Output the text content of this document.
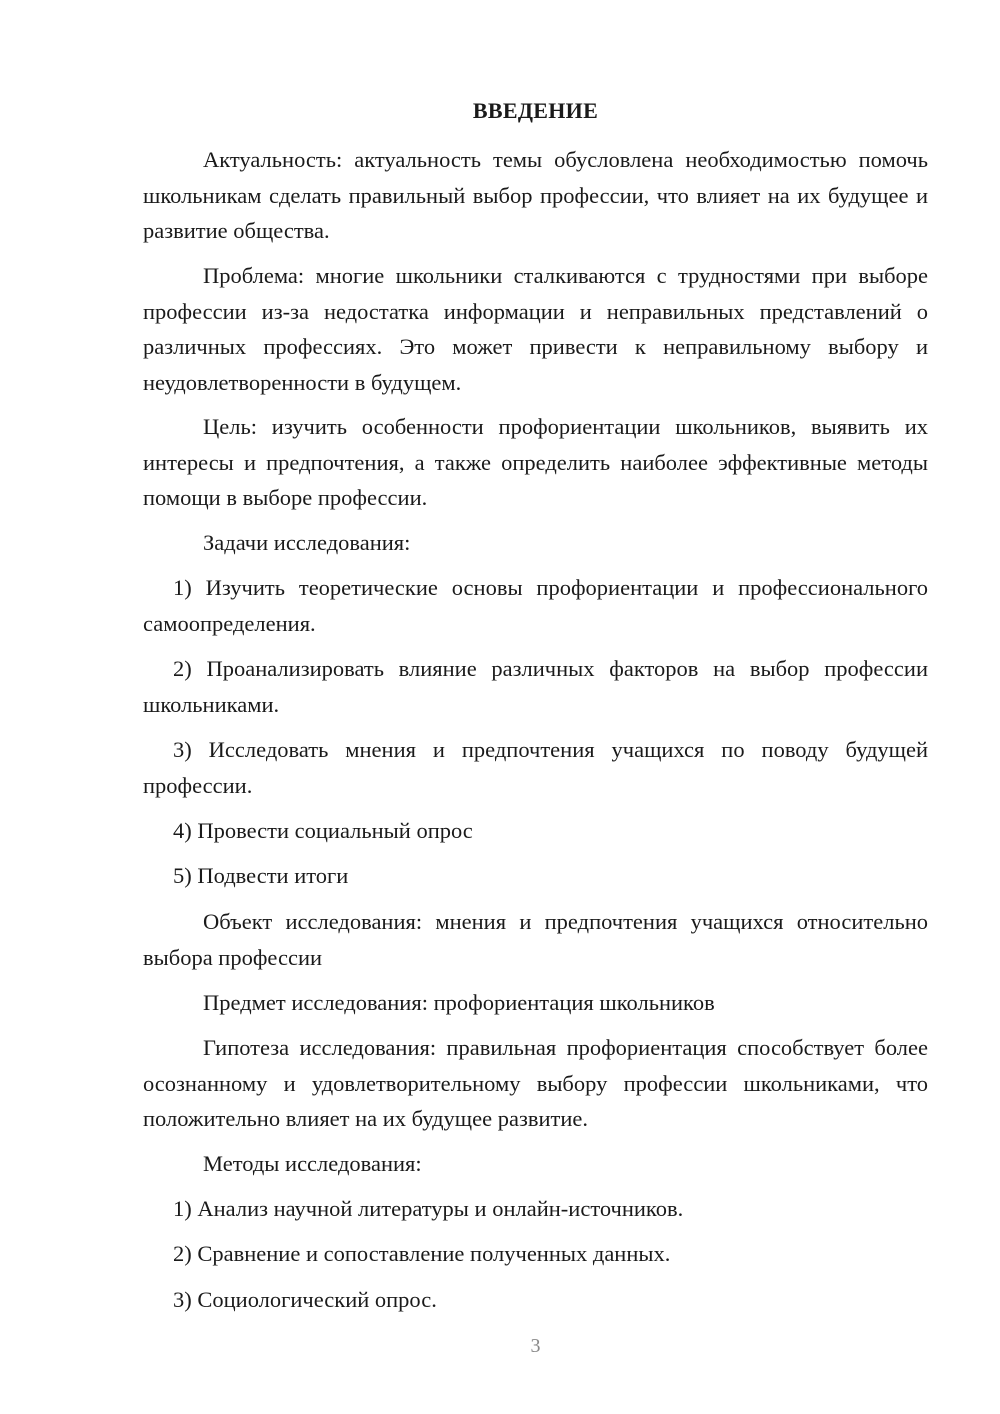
ВВЕДЕНИЕ

Актуальность: актуальность темы обусловлена необходимостью помочь школьникам сделать правильный выбор профессии, что влияет на их будущее и развитие общества.

Проблема: многие школьники сталкиваются с трудностями при выборе профессии из-за недостатка информации и неправильных представлений о различных профессиях. Это может привести к неправильному выбору и неудовлетворенности в будущем.

Цель: изучить особенности профориентации школьников, выявить их интересы и предпочтения, а также определить наиболее эффективные методы помощи в выборе профессии.

Задачи исследования:

1) Изучить теоретические основы профориентации и профессионального самоопределения.

2) Проанализировать влияние различных факторов на выбор профессии школьниками.

3) Исследовать мнения и предпочтения учащихся по поводу будущей профессии.

4) Провести социальный опрос

5) Подвести итоги

Объект исследования: мнения и предпочтения учащихся относительно выбора профессии

Предмет исследования: профориентация школьников

Гипотеза исследования: правильная профориентация способствует более осознанному и удовлетворительному выбору профессии школьниками, что положительно влияет на их будущее развитие.

Методы исследования:

1) Анализ научной литературы и онлайн-источников.

2) Сравнение и сопоставление полученных данных.

3) Социологический опрос.

3
